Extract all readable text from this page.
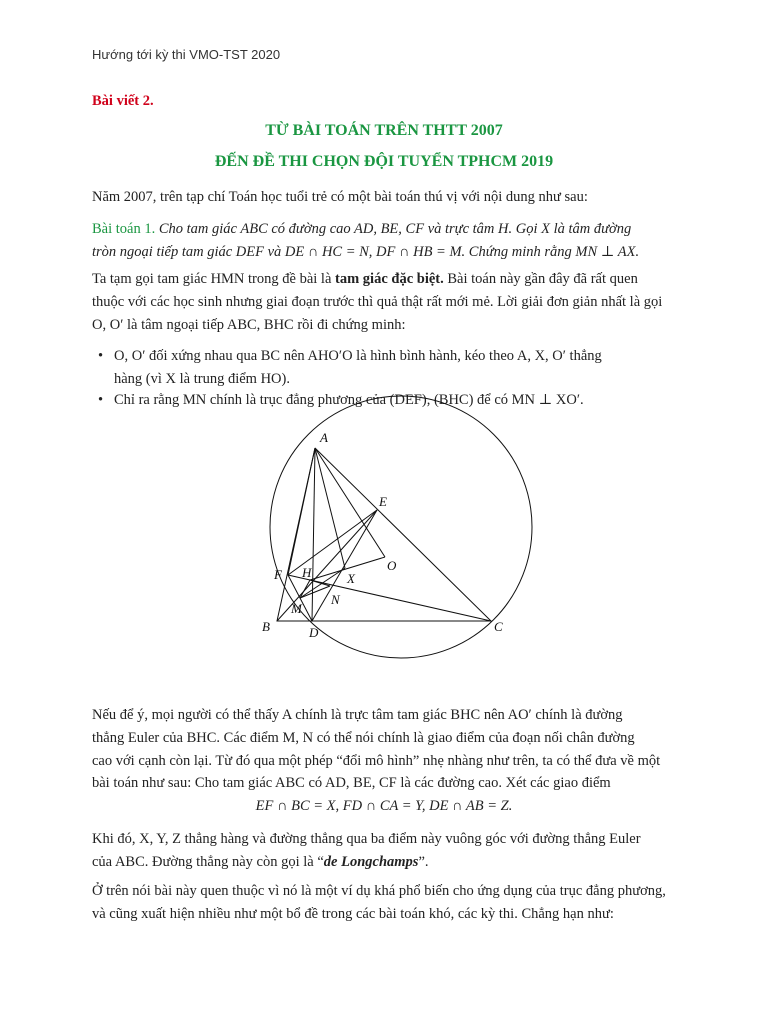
Hướng tới kỳ thi VMO-TST 2020
Bài viết 2.
TỪ BÀI TOÁN TRÊN THTT 2007
ĐẾN ĐỀ THI CHỌN ĐỘI TUYỂN TPHCM 2019
Năm 2007, trên tạp chí Toán học tuổi trẻ có một bài toán thú vị với nội dung như sau:
Bài toán 1. Cho tam giác ABC có đường cao AD, BE, CF và trực tâm H. Gọi X là tâm đường
tròn ngoại tiếp tam giác DEF và DE ∩ HC = N, DF ∩ HB = M. Chứng minh rằng MN ⊥ AX.
Ta tạm gọi tam giác HMN trong đề bài là tam giác đặc biệt. Bài toán này gần đây đã rất quen
thuộc với các học sinh nhưng giai đoạn trước thì quả thật rất mới mẻ. Lời giải đơn giản nhất là gọi
O, O′ là tâm ngoại tiếp ABC, BHC rồi đi chứng minh:
• O, O′ đối xứng nhau qua BC nên AHO′O là hình bình hành, kéo theo A, X, O′ thẳng
hàng (vì X là trung điểm HO).
• Chỉ ra rằng MN chính là trục đẳng phương của (DEF), (BHC) để có MN ⊥ XO′.
A
B	C
D
E
F H
M
N
O
X
Nếu để ý, mọi người có thể thấy A chính là trực tâm tam giác BHC nên AO′ chính là đường
thẳng Euler của BHC. Các điểm M, N có thể nói chính là giao điểm của đoạn nối chân đường
cao với cạnh còn lại. Từ đó qua một phép “đổi mô hình” nhẹ nhàng như trên, ta có thể đưa về một
bài toán như sau: Cho tam giác ABC có AD, BE, CF là các đường cao. Xét các giao điểm
EF ∩ BC = X, FD ∩ CA = Y, DE ∩ AB = Z.
Khi đó, X, Y, Z thẳng hàng và đường thẳng qua ba điểm này vuông góc với đường thẳng Euler
của ABC. Đường thẳng này còn gọi là “de Longchamps”.
Ở trên nói bài này quen thuộc vì nó là một ví dụ khá phổ biến cho ứng dụng của trục đẳng phương,
và cũng xuất hiện nhiều như một bổ đề trong các bài toán khó, các kỳ thi. Chẳng hạn như:
